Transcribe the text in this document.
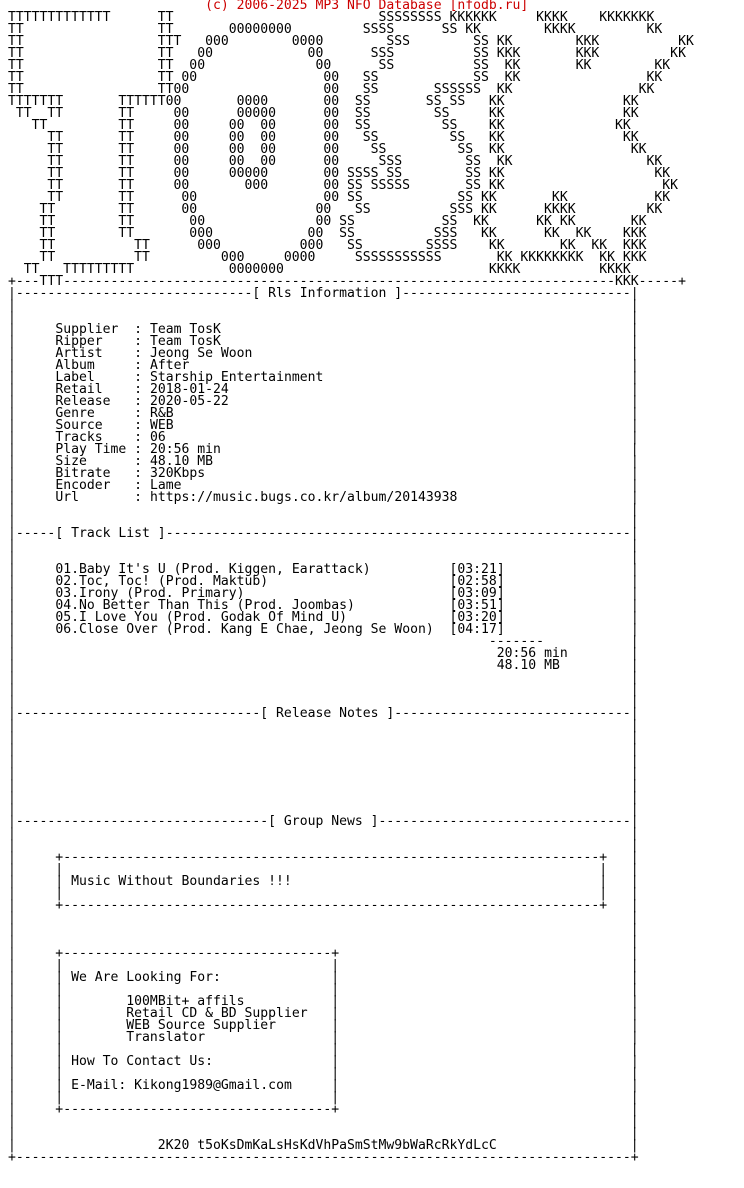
(c) 2006-2025 MP3 NFO Database [nfodb.ru]
TTTTTTTTTTTTT      TT                          SSSSSSSS KKKKKK     KKKK    KKKKKKK
TT                 TT       00000000         SSSS      SS KK        KKKK         KK
TT                 TTT   000        0000        SSS        SS KK        KKK          KK
TT                 TT   00            00      SSS          SS KKK       KKK         KK
TT                 TT  00              00      SS          SS  KK       KK        KK
TT                 TT 00                00   SS            SS  KK                KK
TT                 TT00                 00   SS       SSSSSS  KK                KK
TTTTTTT       TTTTTT00       0000       00  SS       SS SS   KK               KK
TT  TT       TT     00      00000      00  SS        SS     KK               KK
TT         TT     00     00  00      00  SS         SS    KK              KK
TT       TT     00     00  00      00   SS         SS   KK               KK
TT       TT     00     00  00      00    SS         SS  KK                KK
TT       TT     00     00  00      00     SSS        SS  KK                 KK
TT       TT     00     00000       00 SSSS SS        SS KK                   KK
TT       TT     00       000       00 SS SSSSS       SS KK                    KK
TT       TT      00                00 SS            SS KK       KK           KK
TT        TT      00               00   SS          SSS KK      KKKK         KK
TT        TT       00              00 SS           SS  KK      KK KK       KK
TT        TT       000            00  SS          SSS   KK      KK  KK    KKK
TT          TT      000          000   SS        SSSS    KK       KK  KK  KKK
TT          TT         000     0000     SSSSSSSSSSS       KK KKKKKKKK  KK KKK
TT   TTTTTTTTT            0000000                          KKKK          KKKK
+---TTT----------------------------------------------------------------------KKK-----+
|------------------------------[ Rls Information ]-----------------------------|
|                                                                              |
|                                                                              |
|	Supplier  : Team TosK                                                    |
|	Ripper    : Team TosK                                                    |
|	Artist    : Jeong Se Woon                                                |
|	Album     : After                                                        |
|	Label     : Starship Entertainment                                       |
|	Retail    : 2018-01-24                                                   |
|	Release   : 2020-05-22                                                   |
|	Genre     : R&B                                                          |
|	Source    : WEB                                                          |
|	Tracks    : 06                                                           |
|	Play Time : 20:56 min                                                    |
|	Size      : 48.10 MB                                                     |
|	Bitrate   : 320Kbps                                                      |
|	Encoder   : Lame                                                         |
|	Url       : https://music.bugs.co.kr/album/20143938                      |
|                                                                              |
|                                                                              |
|-----[ Track List ]-----------------------------------------------------------|
|                                                                              |
|                                                                              |
|	01.Baby It's U (Prod. Kiggen, Earattack)	[03:21]                |
|	02.Toc, Toc! (Prod. Maktub)	[02:58]                |
|	03.Irony (Prod. Primary)	[03:09]                |
|	04.No Better Than This (Prod. Joombas)	[03:51]                |
|	05.I Love You (Prod. Godak Of Mind U)	[03:20]                |
|	06.Close Over (Prod. Kang E Chae, Jeong Se Woon) [04:17]                |
|                                                            -------           |
|	20:56 min        |
|	48.10 MB         |
|                                                                              |
|                                                                              |
|                                                                              |
|-------------------------------[ Release Notes ]------------------------------|
|                                                                              |
|                                                                              |
|                                                                              |
|                                                                              |
|                                                                              |
|                                                                              |
|                                                                              |
|                                                                              |
|--------------------------------[ Group News ]--------------------------------|
|                                                                              |
|                                                                              |
|     +--------------------------------------------------------------------+   |
|     |                                                                    |   |
|     | Music Without Boundaries !!!                                       |   |
|     |                                                                    |   |
|     +--------------------------------------------------------------------+   |
|                                                                              |
|                                                                              |
|                                                                              |
|     +----------------------------------+                                     |
|     |                                  |                                     |
|     | We Are Looking For:              |                                     |
|     |                                  |                                     |
|     |	100MBit+ affils           |                                     |
|     |	Retail CD & BD Supplier   |                                     |
|     |	WEB Source Supplier       |                                     |
|     |	Translator                |                                     |
|     |                                  |                                     |
|     | How To Contact Us:               |                                     |
|     |                                  |                                     |
|     | E-Mail: Kikong1989@Gmail.com     |                                     |
|     |                                  |                                     |
|     +----------------------------------+                                     |
|                                                                              |
|                                                                              |
|	2K20 t5oKsDmKaLsHsKdVhPaSmStMw9bWaRcRkYdLcC                 |
+------------------------------------------------------------------------------+
